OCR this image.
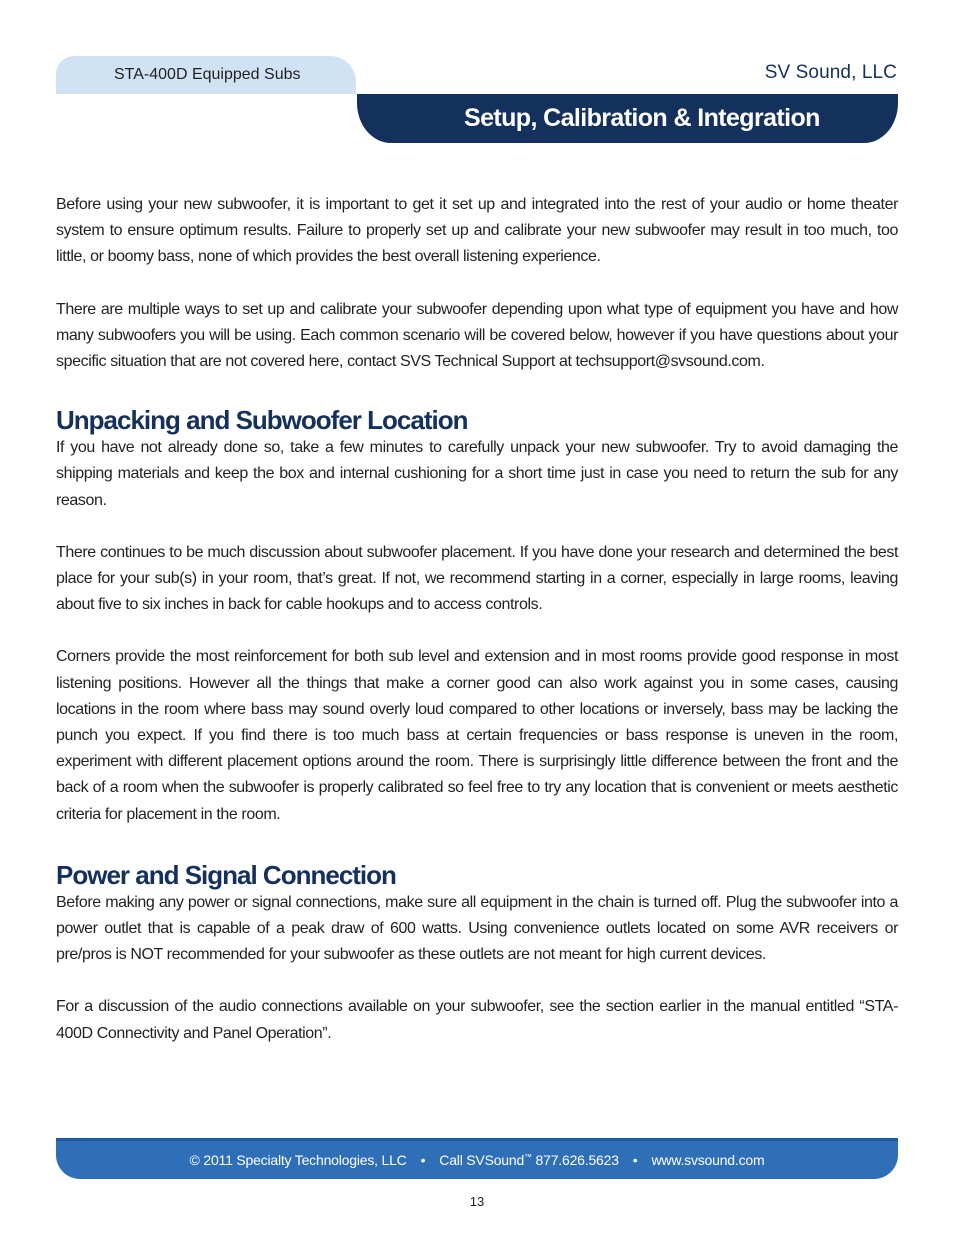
STA-400D Equipped Subs	SV Sound, LLC
Setup, Calibration & Integration

Before using your new subwoofer, it is important to get it set up and integrated into the rest of your audio or home theater system to ensure optimum results. Failure to properly set up and calibrate your new subwoofer may result in too much, too little, or boomy bass, none of which provides the best overall listening experience.

There are multiple ways to set up and calibrate your subwoofer depending upon what type of equipment you have and how many subwoofers you will be using. Each common scenario will be covered below, however if you have questions about your specific situation that are not covered here, contact SVS Technical Support at techsupport@svsound.com.

Unpacking and Subwoofer Location

If you have not already done so, take a few minutes to carefully unpack your new subwoofer. Try to avoid damaging the shipping materials and keep the box and internal cushioning for a short time just in case you need to return the sub for any reason.

There continues to be much discussion about subwoofer placement. If you have done your research and determined the best place for your sub(s) in your room, that’s great. If not, we recommend starting in a corner, especially in large rooms, leaving about five to six inches in back for cable hookups and to access controls.

Corners provide the most reinforcement for both sub level and extension and in most rooms provide good response in most listening positions. However all the things that make a corner good can also work against you in some cases, causing locations in the room where bass may sound overly loud compared to other locations or inversely, bass may be lacking the punch you expect. If you find there is too much bass at certain frequencies or bass response is uneven in the room, experiment with different placement options around the room. There is surprisingly little difference between the front and the back of a room when the subwoofer is properly calibrated so feel free to try any location that is convenient or meets aesthetic criteria for placement in the room.

Power and Signal Connection

Before making any power or signal connections, make sure all equipment in the chain is turned off. Plug the subwoofer into a power outlet that is capable of a peak draw of 600 watts. Using convenience outlets located on some AVR receivers or pre/pros is NOT recommended for your subwoofer as these outlets are not meant for high current devices.

For a discussion of the audio connections available on your subwoofer, see the section earlier in the manual entitled “STA-400D Connectivity and Panel Operation”.

© 2011 Specialty Technologies, LLC • Call SVSound™ 877.626.5623 • www.svsound.com
13
